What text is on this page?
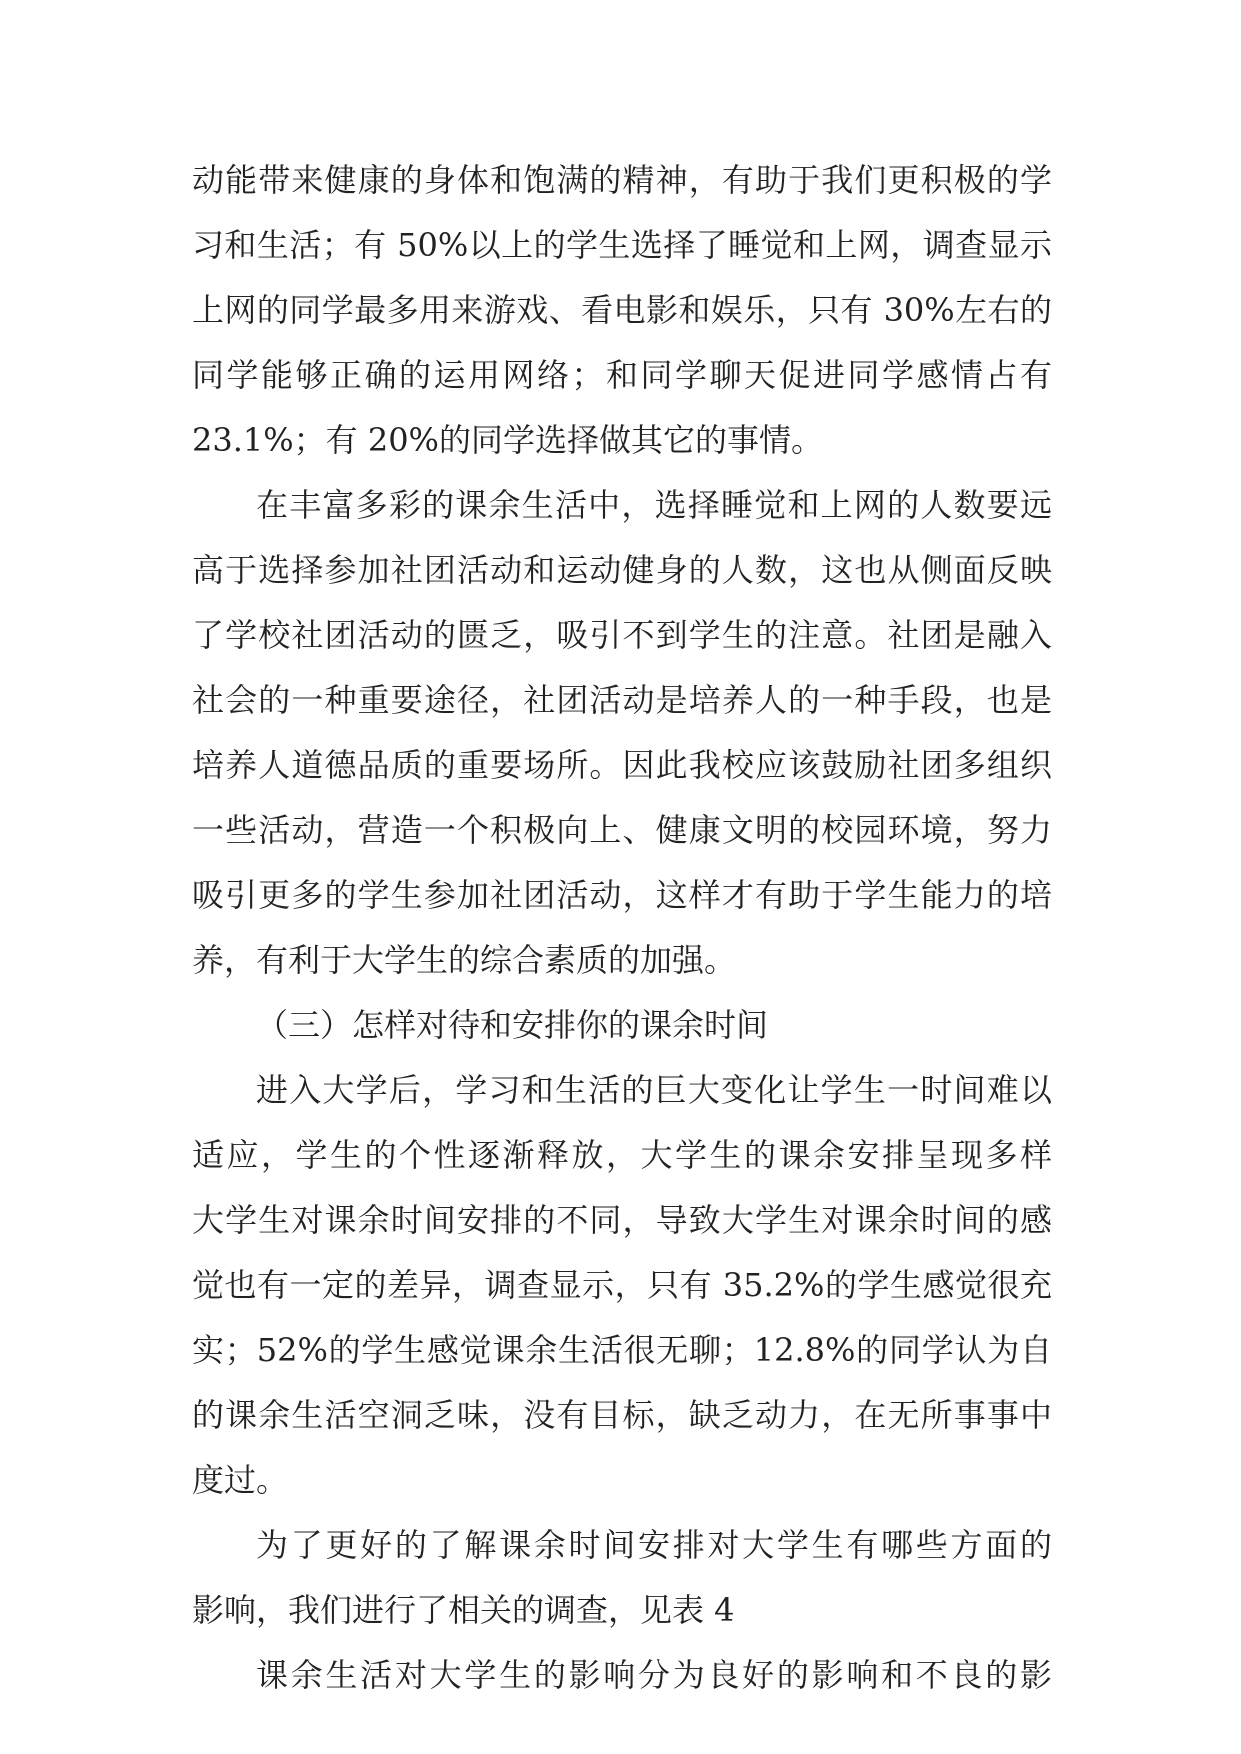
动能带来健康的身体和饱满的精神，有助于我们更积极的学
习和生活；有 50%以上的学生选择了睡觉和上网，调查显示
上网的同学最多用来游戏、看电影和娱乐，只有 30%左右的
同学能够正确的运用网络；和同学聊天促进同学感情占有
23.1%；有 20%的同学选择做其它的事情。
在丰富多彩的课余生活中，选择睡觉和上网的人数要远
高于选择参加社团活动和运动健身的人数，这也从侧面反映
了学校社团活动的匮乏，吸引不到学生的注意。社团是融入
社会的一种重要途径，社团活动是培养人的一种手段，也是
培养人道德品质的重要场所。因此我校应该鼓励社团多组织
一些活动，营造一个积极向上、健康文明的校园环境，努力
吸引更多的学生参加社团活动，这样才有助于学生能力的培
养，有利于大学生的综合素质的加强。
（三）怎样对待和安排你的课余时间
进入大学后，学习和生活的巨大变化让学生一时间难以
适应，学生的个性逐渐释放，大学生的课余安排呈现多样
大学生对课余时间安排的不同，导致大学生对课余时间的感
觉也有一定的差异，调查显示，只有 35.2%的学生感觉很充
实；52%的学生感觉课余生活很无聊；12.8%的同学认为自
的课余生活空洞乏味，没有目标，缺乏动力，在无所事事中
度过。
为了更好的了解课余时间安排对大学生有哪些方面的
影响，我们进行了相关的调查，见表 4
课余生活对大学生的影响分为良好的影响和不良的影
